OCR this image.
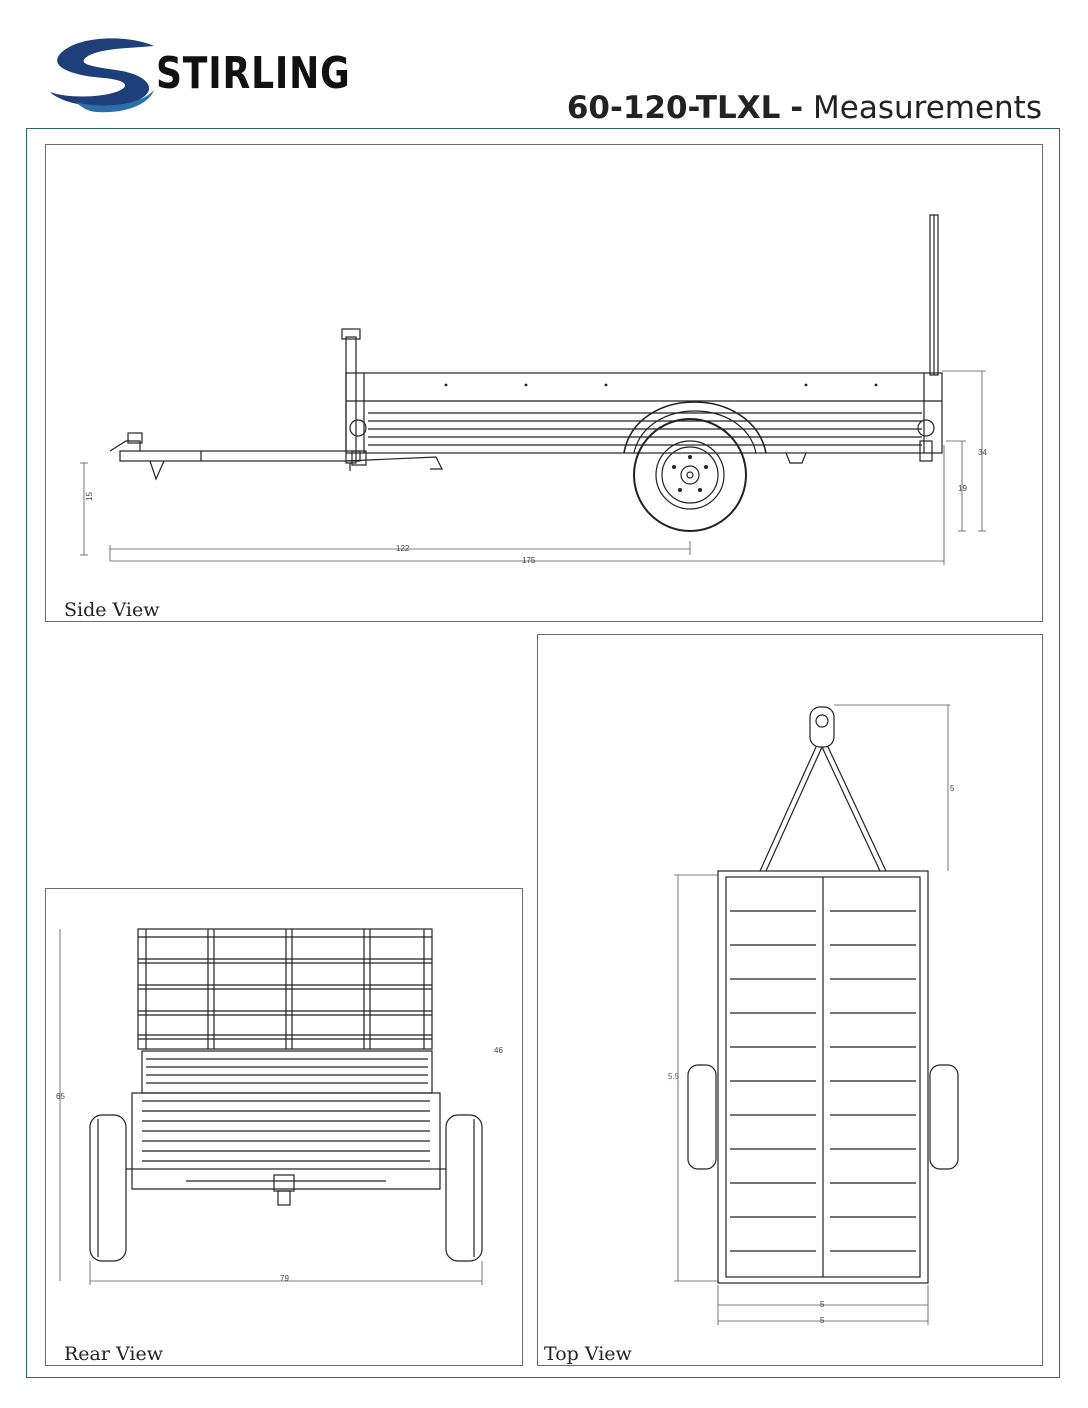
STIRLING
60-120-TLXL - Measurements
15
122
175
19
34
Side View
65
46
79
Rear View
5
5.5
5
5
Top View
